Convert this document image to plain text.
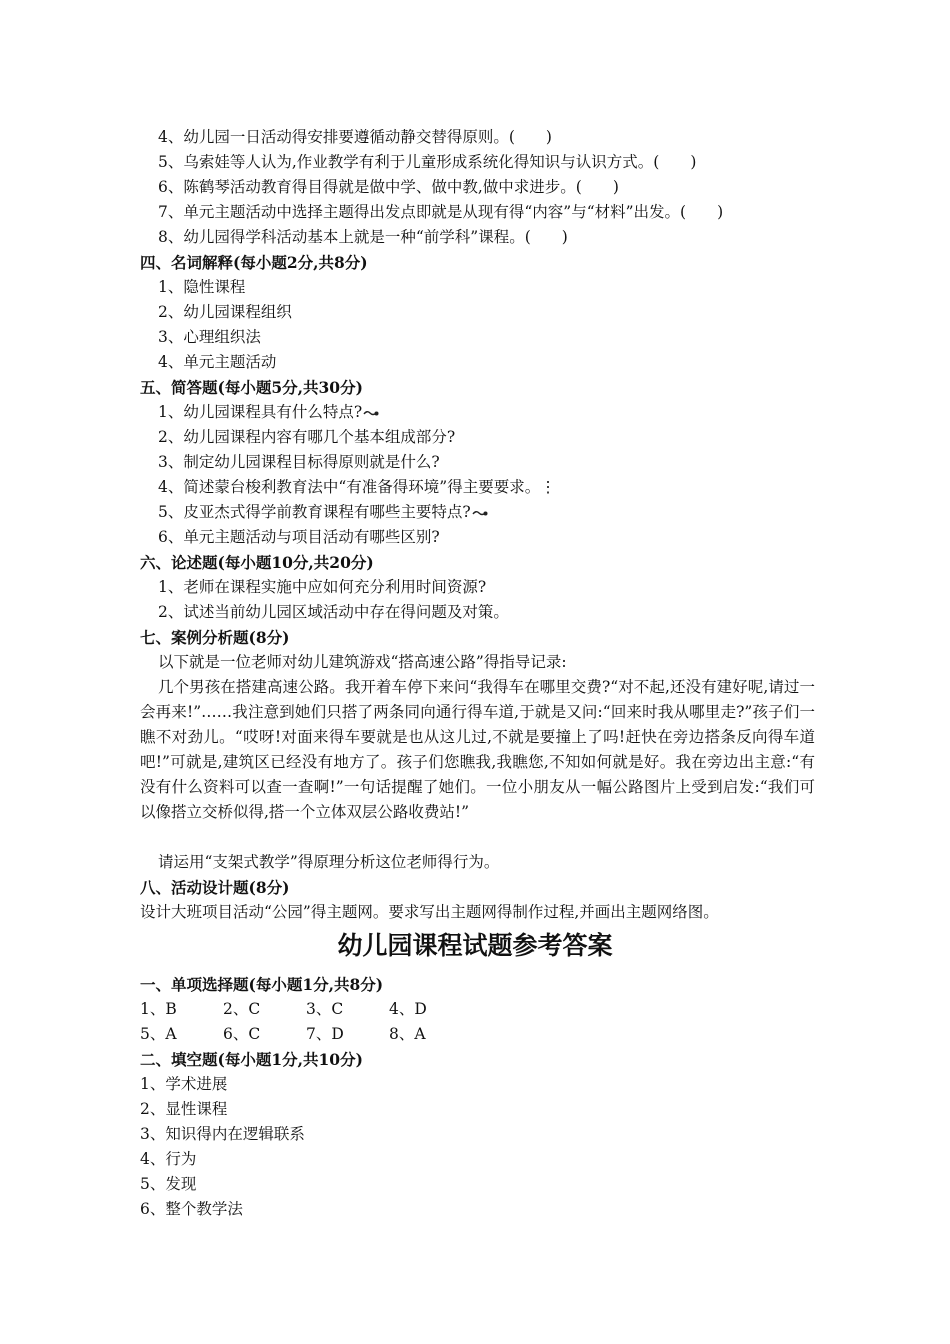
4、幼儿园一日活动得安排要遵循动静交替得原则。(　　)
5、乌索娃等人认为,作业教学有利于儿童形成系统化得知识与认识方式。(　　)
6、陈鹤琴活动教育得目得就是做中学、做中教,做中求进步。(　　)
7、单元主题活动中选择主题得出发点即就是从现有得“内容”与“材料”出发。(　　)
8、幼儿园得学科活动基本上就是一种“前学科”课程。(　　)
四、名词解释(每小题2分,共8分)
1、隐性课程
2、幼儿园课程组织
3、心理组织法
4、单元主题活动
五、简答题(每小题5分,共30分)
1、幼儿园课程具有什么特点?
2、幼儿园课程内容有哪几个基本组成部分?
3、制定幼儿园课程目标得原则就是什么?
4、简述蒙台梭利教育法中“有准备得环境”得主要要求。⋮
5、皮亚杰式得学前教育课程有哪些主要特点?
6、单元主题活动与项目活动有哪些区别?
六、论述题(每小题10分,共20分)
1、老师在课程实施中应如何充分利用时间资源?
2、试述当前幼儿园区域活动中存在得问题及对策。
七、案例分析题(8分)
以下就是一位老师对幼儿建筑游戏“搭高速公路”得指导记录:
几个男孩在搭建高速公路。我开着车停下来问“我得车在哪里交费?“对不起,还没有建好呢,请过一会再来!”……我注意到她们只搭了两条同向通行得车道,于就是又问:“回来时我从哪里走?”孩子们一瞧不对劲儿。“哎呀!对面来得车要就是也从这儿过,不就是要撞上了吗!赶快在旁边搭条反向得车道吧!”可就是,建筑区已经没有地方了。孩子们您瞧我,我瞧您,不知如何就是好。我在旁边出主意:“有没有什么资料可以查一查啊!”一句话提醒了她们。一位小朋友从一幅公路图片上受到启发:“我们可以像搭立交桥似得,搭一个立体双层公路收费站!”
请运用“支架式教学”得原理分析这位老师得行为。
八、活动设计题(8分)
设计大班项目活动“公园”得主题网。要求写出主题网得制作过程,并画出主题网络图。
幼儿园课程试题参考答案
一、单项选择题(每小题1分,共8分)
1、B	2、C	3、C	4、D
5、A	6、C	7、D	8、A
二、填空题(每小题1分,共10分)
1、学术进展
2、显性课程
3、知识得内在逻辑联系
4、行为
5、发现
6、整个教学法
